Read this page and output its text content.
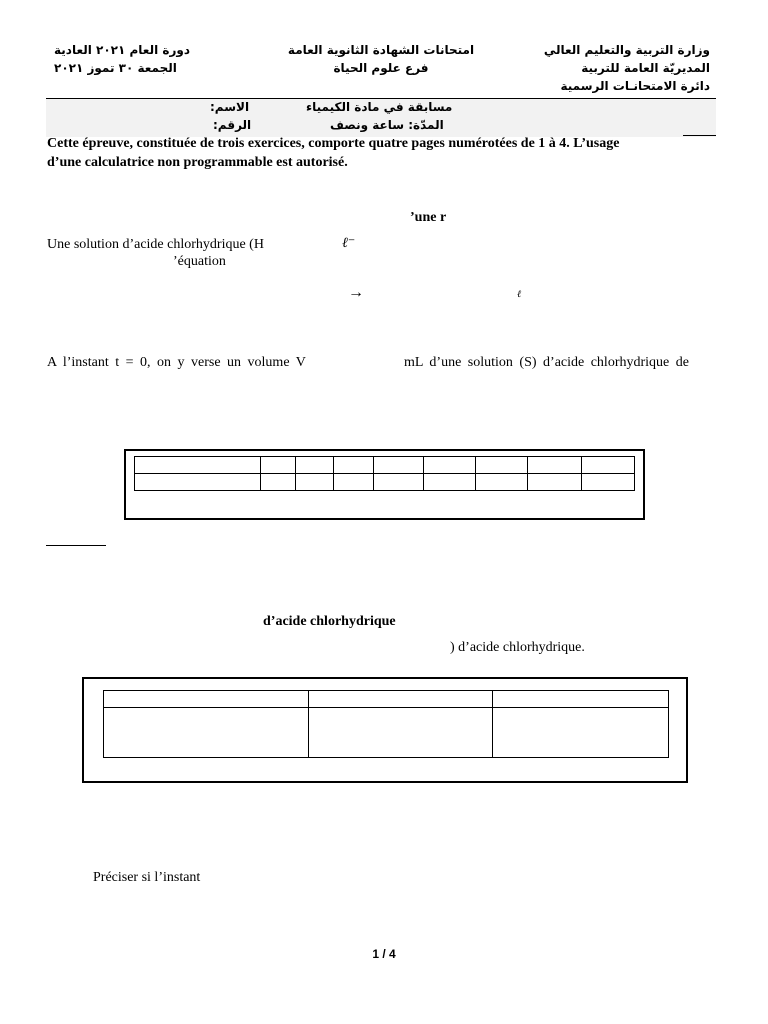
وزارة التربية والتعليم العالي
المديريّة العامة للتربية
دائرة الامتحانـات الرسمية
امتحانات الشهادة الثانوية العامة
فرع علوم الحياة
دورة العام ٢٠٢١ العادية
الجمعة ٣٠ تموز ٢٠٢١
مسابقة في مادة الكيمياء
المدّة: ساعة ونصف
الاسم:
الرقم:
Cette épreuve, constituée de trois exercices, comporte quatre pages numérotées de 1 à 4. L’usage
d’une calculatrice non programmable est autorisé.
’une r
Une solution d’acide chlorhydrique (H	ℓ⁻
’équation
→	ℓ
A l’instant t = 0, on y verse un volume V	mL d’une solution (S) d’acide chlorhydrique de

d’acide chlorhydrique
) d’acide chlorhydrique.

Préciser si l’instant
1 / 4
